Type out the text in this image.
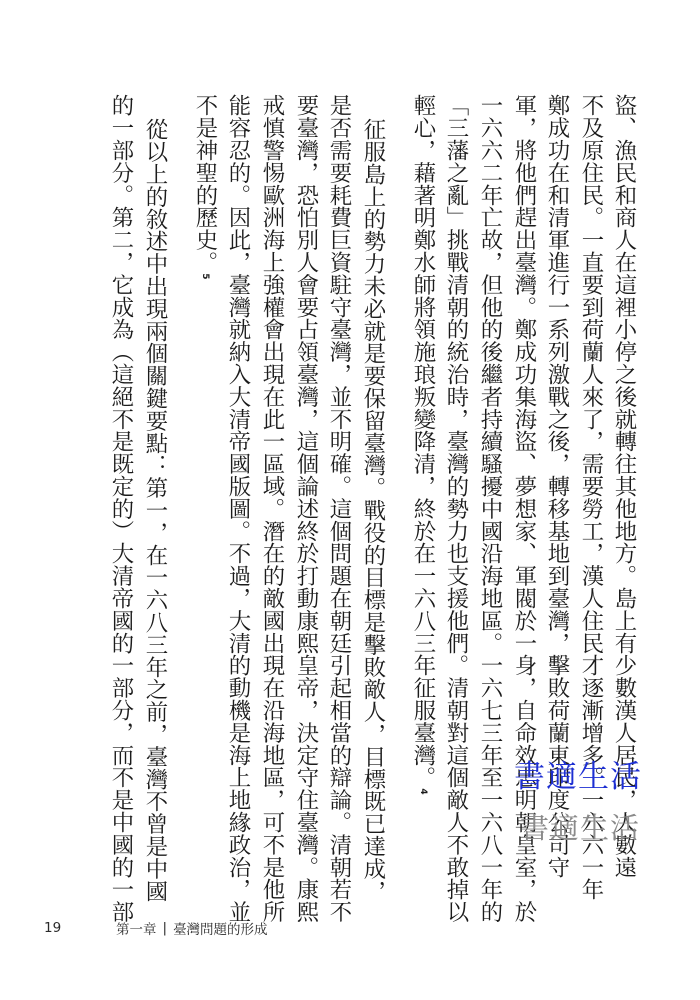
盜、漁民和商人在這裡小停之後就轉往其他地方。島上有少數漢人居民，人數遠
不及原住民。一直要到荷蘭人來了，需要勞工，漢人住民才逐漸增多。一六六一年
鄭成功在和清軍進行一系列激戰之後，轉移基地到臺灣，擊敗荷蘭東印度公司守
軍，將他們趕出臺灣。鄭成功集海盜、夢想家、軍閥於一身，自命效忠明朝皇室，於
一六六二年亡故，但他的後繼者持續騷擾中國沿海地區。一六七三年至一六八一年的
「三藩之亂」挑戰清朝的統治時，臺灣的勢力也支援他們。清朝對這個敵人不敢掉以
輕心，藉著明鄭水師將領施琅叛變降清，終於在一六八三年征服臺灣。4
征服島上的勢力未必就是要保留臺灣。戰役的目標是擊敗敵人，目標既已達成，
是否需要耗費巨資駐守臺灣，並不明確。這個問題在朝廷引起相當的辯論。清朝若不
要臺灣，恐怕別人會要占領臺灣，這個論述終於打動康熙皇帝，決定守住臺灣。康熙
戒慎警惕歐洲海上強權會出現在此一區域。潛在的敵國出現在沿海地區，可不是他所
能容忍的。因此，臺灣就納入大清帝國版圖。不過，大清的動機是海上地緣政治，並
不是神聖的歷史。5
從以上的敘述中出現兩個關鍵要點：第一，在一六八三年之前，臺灣不曾是中國
的一部分。第二，它成為（這絕不是既定的）大清帝國的一部分，而不是中國的一部	書適生活
書適生活
19	第一章 | 臺灣問題的形成
